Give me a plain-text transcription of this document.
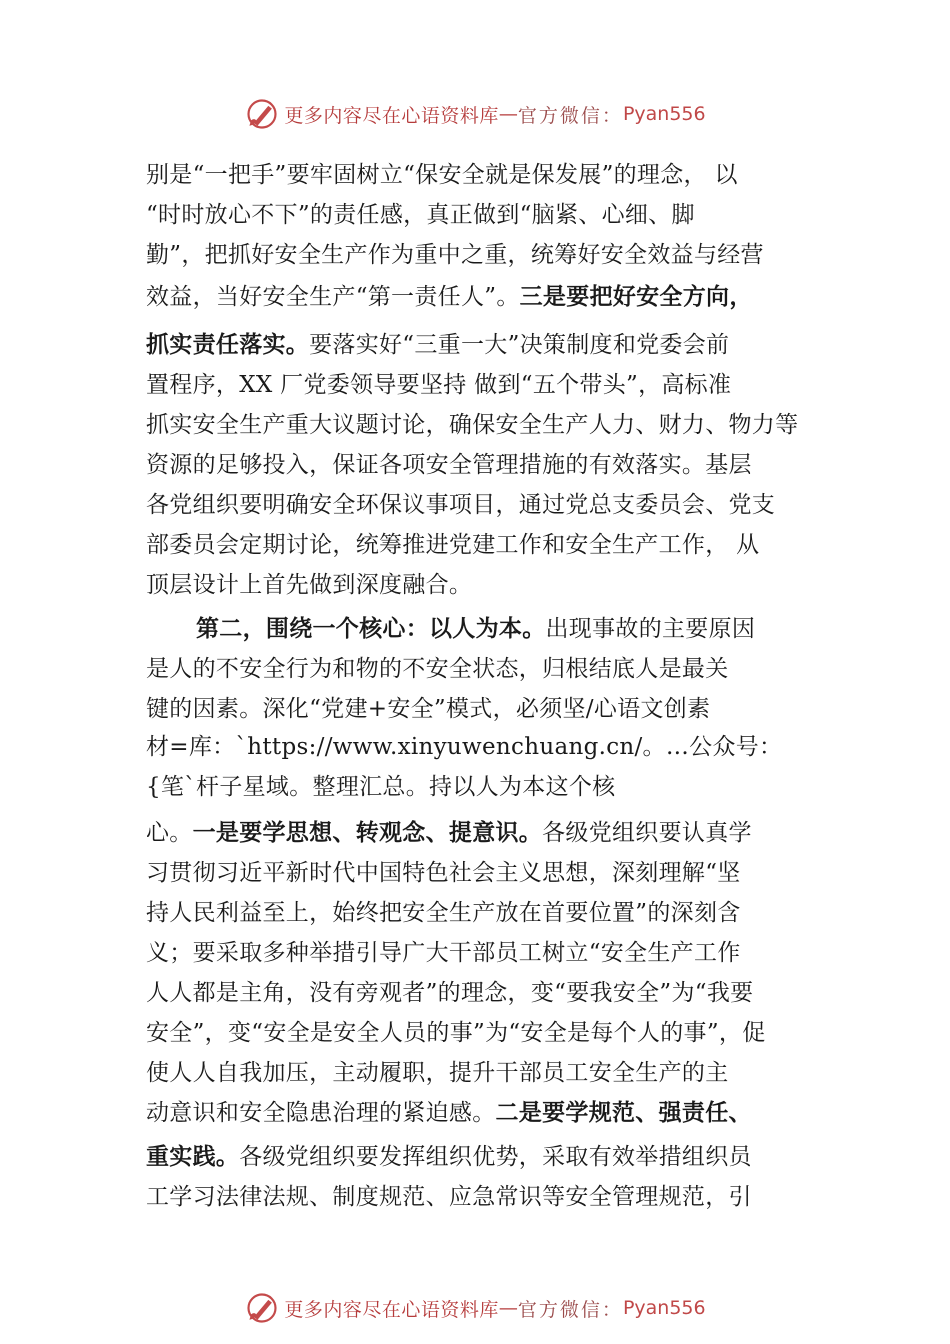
更多内容尽在心语资料库 — 官方微信： Pyan556
别是“一把手”要牢固树立“保安全就是保发展”的理念， 以
“时时放心不下”的责任感，真正做到“脑紧、心细、脚
勤”，把抓好安全生产作为重中之重，统筹好安全效益与经营
效益，当好安全生产“第一责任人”。三是要把好安全方向，
抓实责任落实。要落实好“三重一大”决策制度和党委会前
置程序，XX 厂党委领导要坚持 做到“五个带头”，高标准
抓实安全生产重大议题讨论，确保安全生产人力、财力、物力等
资源的足够投入，保证各项安全管理措施的有效落实。基层
各党组织要明确安全环保议事项目，通过党总支委员会、党支
部委员会定期讨论，统筹推进党建工作和安全生产工作， 从
顶层设计上首先做到深度融合。
第二，围绕一个核心：以人为本。出现事故的主要原因
是人的不安全行为和物的不安全状态，归根结底人是最关
键的因素。深化“党建+安全”模式，必须坚/心语文创素
材=库：`https://www.xinyuwenchuang.cn/。…公众号：
{笔`杆子星域。整理汇总。持以人为本这个核
心。一是要学思想、转观念、提意识。各级党组织要认真学
习贯彻习近平新时代中国特色社会主义思想，深刻理解“坚
持人民利益至上，始终把安全生产放在首要位置”的深刻含
义；要采取多种举措引导广大干部员工树立“安全生产工作
人人都是主角，没有旁观者”的理念，变“要我安全”为“我要
安全”，变“安全是安全人员的事”为“安全是每个人的事”，促
使人人自我加压，主动履职，提升干部员工安全生产的主
动意识和安全隐患治理的紧迫感。二是要学规范、强责任、
重实践。各级党组织要发挥组织优势，采取有效举措组织员
工学习法律法规、制度规范、应急常识等安全管理规范，引
更多内容尽在心语资料库 — 官方微信： Pyan556
